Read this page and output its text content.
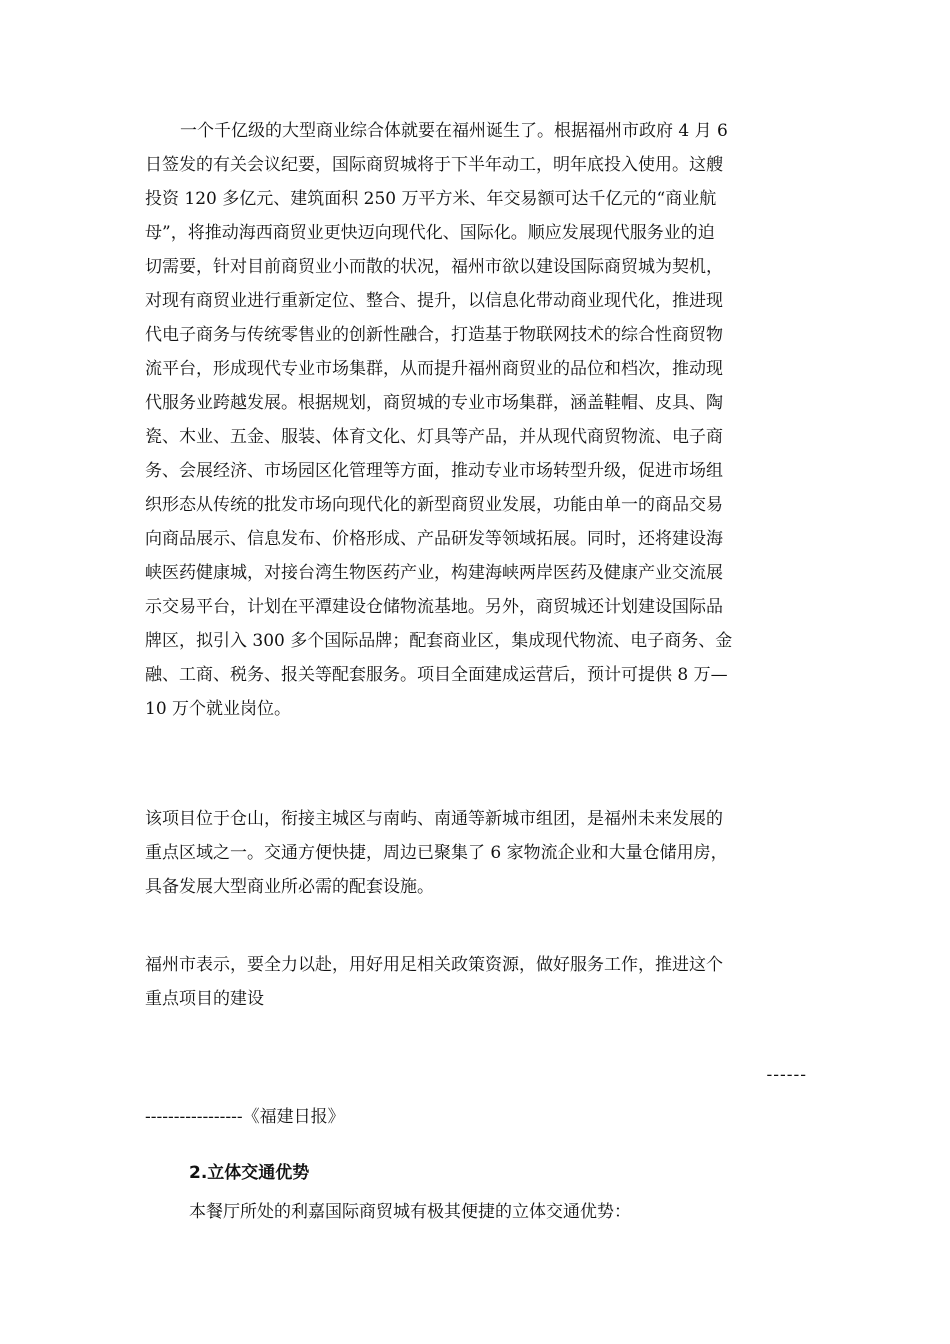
一个千亿级的大型商业综合体就要在福州诞生了。根据福州市政府 4 月 6
日签发的有关会议纪要，国际商贸城将于下半年动工，明年底投入使用。这艘
投资 120 多亿元、建筑面积 250 万平方米、年交易额可达千亿元的“商业航
母”，将推动海西商贸业更快迈向现代化、国际化。顺应发展现代服务业的迫
切需要，针对目前商贸业小而散的状况，福州市欲以建设国际商贸城为契机，
对现有商贸业进行重新定位、整合、提升，以信息化带动商业现代化，推进现
代电子商务与传统零售业的创新性融合，打造基于物联网技术的综合性商贸物
流平台，形成现代专业市场集群，从而提升福州商贸业的品位和档次，推动现
代服务业跨越发展。根据规划，商贸城的专业市场集群，涵盖鞋帽、皮具、陶
瓷、木业、五金、服装、体育文化、灯具等产品，并从现代商贸物流、电子商
务、会展经济、市场园区化管理等方面，推动专业市场转型升级，促进市场组
织形态从传统的批发市场向现代化的新型商贸业发展，功能由单一的商品交易
向商品展示、信息发布、价格形成、产品研发等领域拓展。同时，还将建设海
峡医药健康城，对接台湾生物医药产业，构建海峡两岸医药及健康产业交流展
示交易平台，计划在平潭建设仓储物流基地。另外，商贸城还计划建设国际品
牌区，拟引入 300 多个国际品牌；配套商业区，集成现代物流、电子商务、金
融、工商、税务、报关等配套服务。项目全面建成运营后，预计可提供 8 万—
10 万个就业岗位。
该项目位于仓山，衔接主城区与南屿、南通等新城市组团，是福州未来发展的
重点区域之一。交通方便快捷，周边已聚集了 6 家物流企业和大量仓储用房，
具备发展大型商业所必需的配套设施。
福州市表示，要全力以赴，用好用足相关政策资源，做好服务工作，推进这个
重点项目的建设
------
-----------------《福建日报》
2.立体交通优势
本餐厅所处的利嘉国际商贸城有极其便捷的立体交通优势：
